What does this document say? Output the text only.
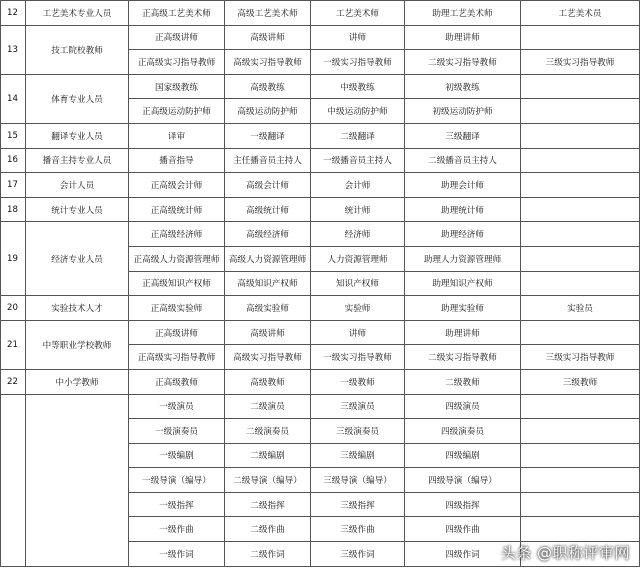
12	工艺美术专业人员	正高级工艺美术师	高级工艺美术师	工艺美术师	助理工艺美术师	工艺美术员
13	技工院校教师	正高级讲师	高级讲师	讲师	助理讲师	
		正高级实习指导教师	高级实习指导教师	一级实习指导教师	二级实习指导教师	三级实习指导教师
14	体育专业人员	国家级教练	高级教练	中级教练	初级教练	
		正高级运动防护师	高级运动防护师	中级运动防护师	初级运动防护师	
15	翻译专业人员	译审	一级翻译	二级翻译	三级翻译	
16	播音主持专业人员	播音指导	主任播音员主持人	一级播音员主持人	二级播音员主持人	
17	会计人员	正高级会计师	高级会计师	会计师	助理会计师	
18	统计专业人员	正高级统计师	高级统计师	统计师	助理统计师	
19	经济专业人员	正高级经济师	高级经济师	经济师	助理经济师	
		正高级人力资源管理师	高级人力资源管理师	人力资源管理师	助理人力资源管理师	
		正高级知识产权师	高级知识产权师	知识产权师	助理知识产权师	
20	实验技术人才	正高级实验师	高级实验师	实验师	助理实验师	实验员
21	中等职业学校教师	正高级讲师	高级讲师	讲师	助理讲师	
		正高级实习指导教师	高级实习指导教师	一级实习指导教师	二级实习指导教师	三级实习指导教师
22	中小学教师	正高级教师	高级教师	一级教师	二级教师	三级教师
		一级演员	二级演员	三级演员	四级演员	
		一级演奏员	二级演奏员	三级演奏员	四级演奏员	
		一级编剧	二级编剧	三级编剧	四级编剧	
		一级导演（编导）	二级导演（编导）	三级导演（编导）	四级导演（编导）	
		一级指挥	二级指挥	三级指挥	四级指挥	
		一级作曲	二级作曲	三级作曲	四级作曲	
		一级作词	二级作词	三级作词	四级作词	头条 @职称评审网
